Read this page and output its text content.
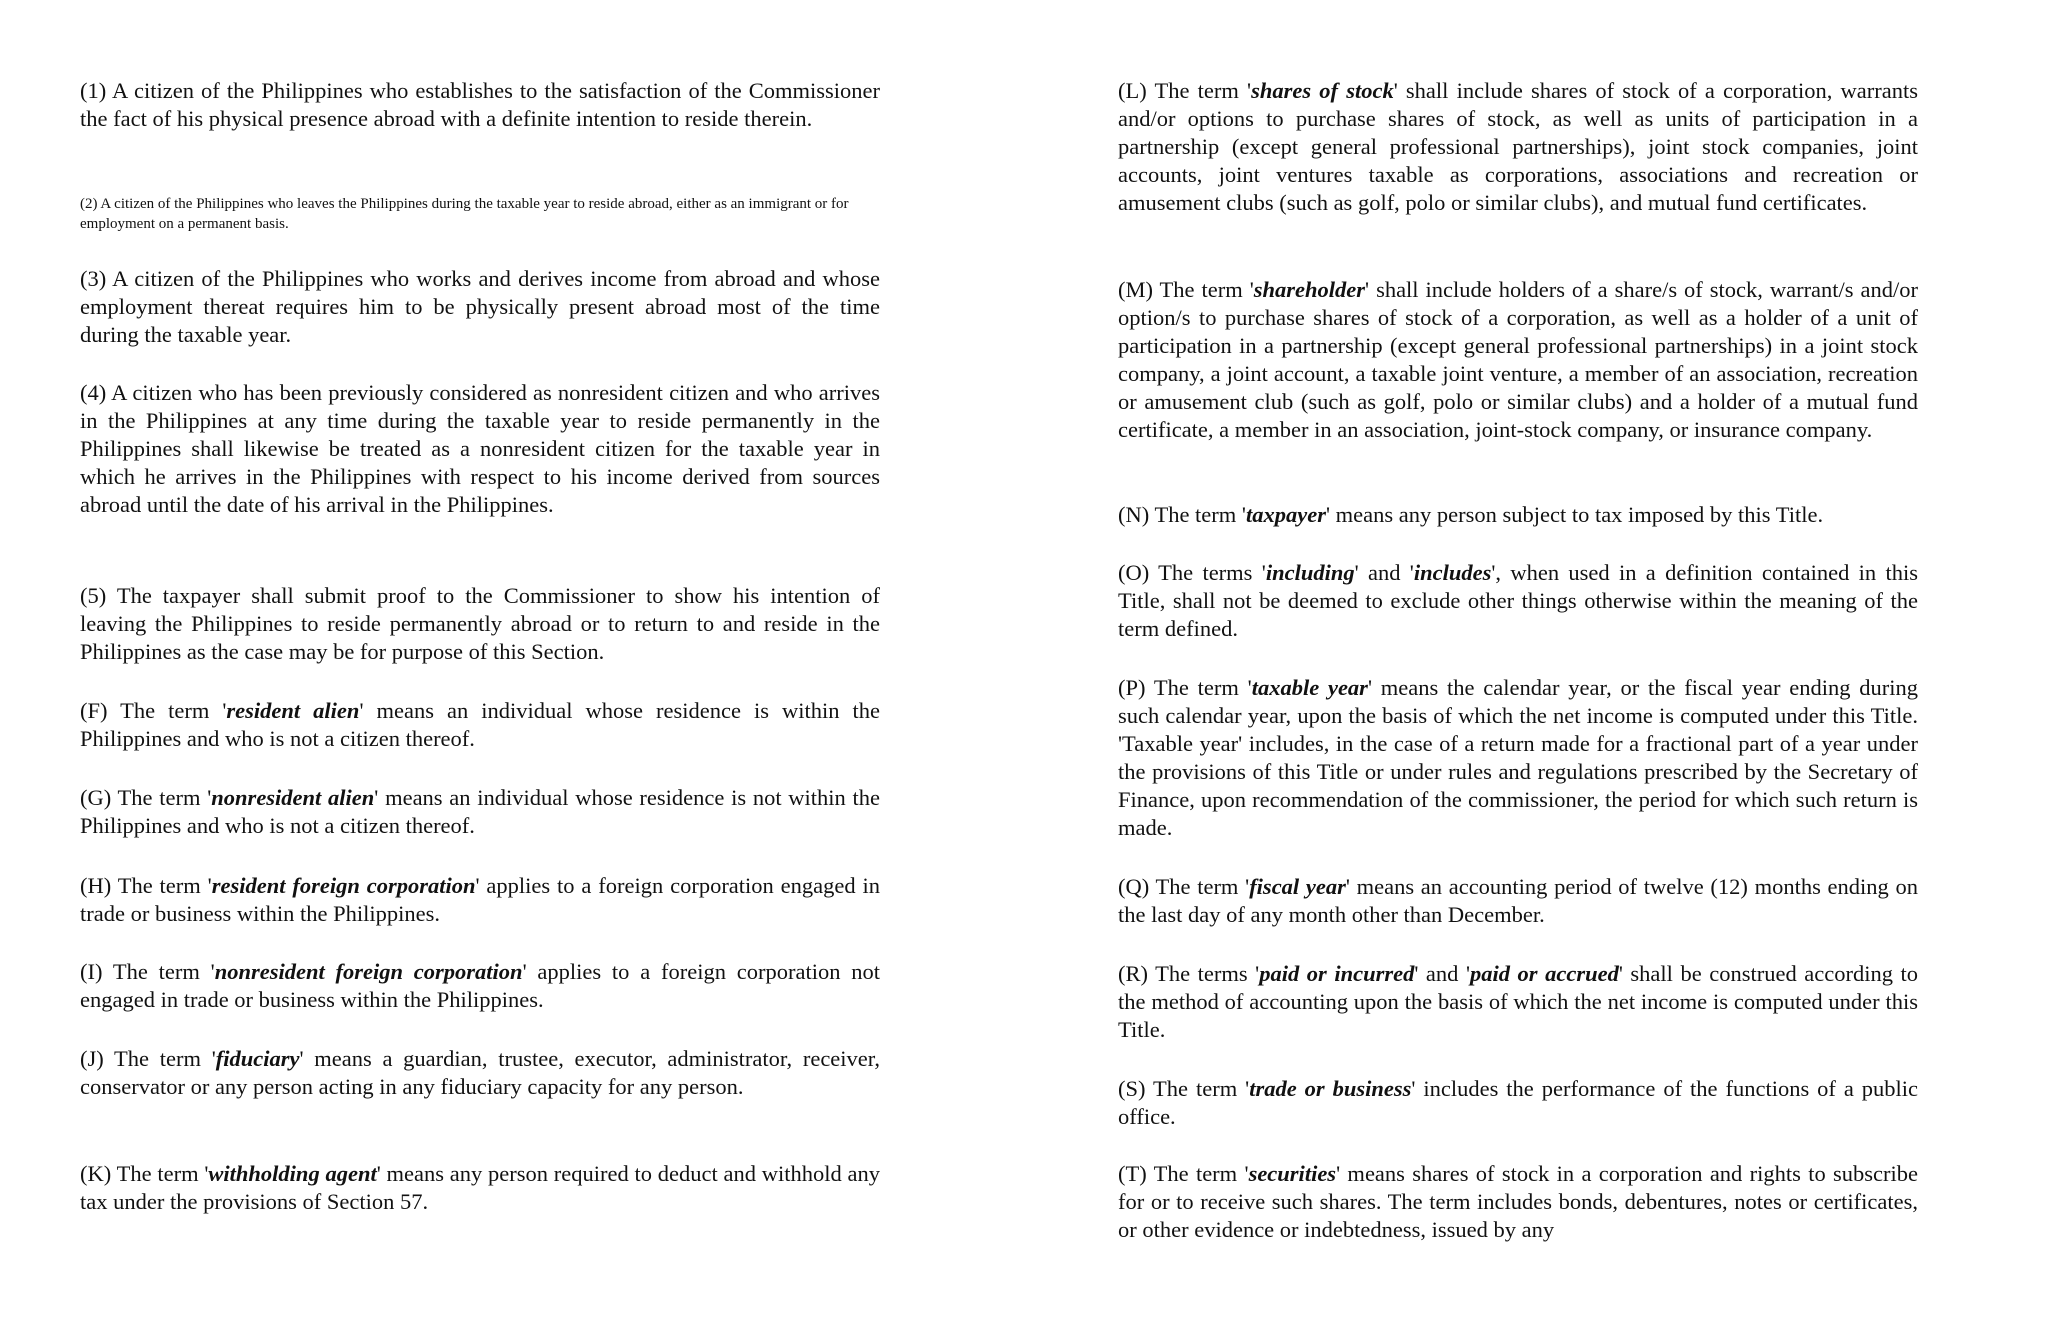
(1) A citizen of the Philippines who establishes to the satisfaction of the Commissioner the fact of his physical presence abroad with a definite intention to reside therein.

(2) A citizen of the Philippines who leaves the Philippines during the taxable year to reside abroad, either as an immigrant or for employment on a permanent basis.

(3) A citizen of the Philippines who works and derives income from abroad and whose employment thereat requires him to be physically present abroad most of the time during the taxable year.

(4) A citizen who has been previously considered as nonresident citizen and who arrives in the Philippines at any time during the taxable year to reside permanently in the Philippines shall likewise be treated as a nonresident citizen for the taxable year in which he arrives in the Philippines with respect to his income derived from sources abroad until the date of his arrival in the Philippines.

(5) The taxpayer shall submit proof to the Commissioner to show his intention of leaving the Philippines to reside permanently abroad or to return to and reside in the Philippines as the case may be for purpose of this Section.

(F) The term 'resident alien' means an individual whose residence is within the Philippines and who is not a citizen thereof.

(G) The term 'nonresident alien' means an individual whose residence is not within the Philippines and who is not a citizen thereof.

(H) The term 'resident foreign corporation' applies to a foreign corporation engaged in trade or business within the Philippines.

(I) The term 'nonresident foreign corporation' applies to a foreign corporation not engaged in trade or business within the Philippines.

(J) The term 'fiduciary' means a guardian, trustee, executor, administrator, receiver, conservator or any person acting in any fiduciary capacity for any person.

(K) The term 'withholding agent' means any person required to deduct and withhold any tax under the provisions of Section 57.

(L) The term 'shares of stock' shall include shares of stock of a corporation, warrants and/or options to purchase shares of stock, as well as units of participation in a partnership (except general professional partnerships), joint stock companies, joint accounts, joint ventures taxable as corporations, associations and recreation or amusement clubs (such as golf, polo or similar clubs), and mutual fund certificates.

(M) The term 'shareholder' shall include holders of a share/s of stock, warrant/s and/or option/s to purchase shares of stock of a corporation, as well as a holder of a unit of participation in a partnership (except general professional partnerships) in a joint stock company, a joint account, a taxable joint venture, a member of an association, recreation or amusement club (such as golf, polo or similar clubs) and a holder of a mutual fund certificate, a member in an association, joint-stock company, or insurance company.

(N) The term 'taxpayer' means any person subject to tax imposed by this Title.

(O) The terms 'including' and 'includes', when used in a definition contained in this Title, shall not be deemed to exclude other things otherwise within the meaning of the term defined.

(P) The term 'taxable year' means the calendar year, or the fiscal year ending during such calendar year, upon the basis of which the net income is computed under this Title. 'Taxable year' includes, in the case of a return made for a fractional part of a year under the provisions of this Title or under rules and regulations prescribed by the Secretary of Finance, upon recommendation of the commissioner, the period for which such return is made.

(Q) The term 'fiscal year' means an accounting period of twelve (12) months ending on the last day of any month other than December.

(R) The terms 'paid or incurred' and 'paid or accrued' shall be construed according to the method of accounting upon the basis of which the net income is computed under this Title.

(S) The term 'trade or business' includes the performance of the functions of a public office.

(T) The term 'securities' means shares of stock in a corporation and rights to subscribe for or to receive such shares. The term includes bonds, debentures, notes or certificates, or other evidence or indebtedness, issued by any
